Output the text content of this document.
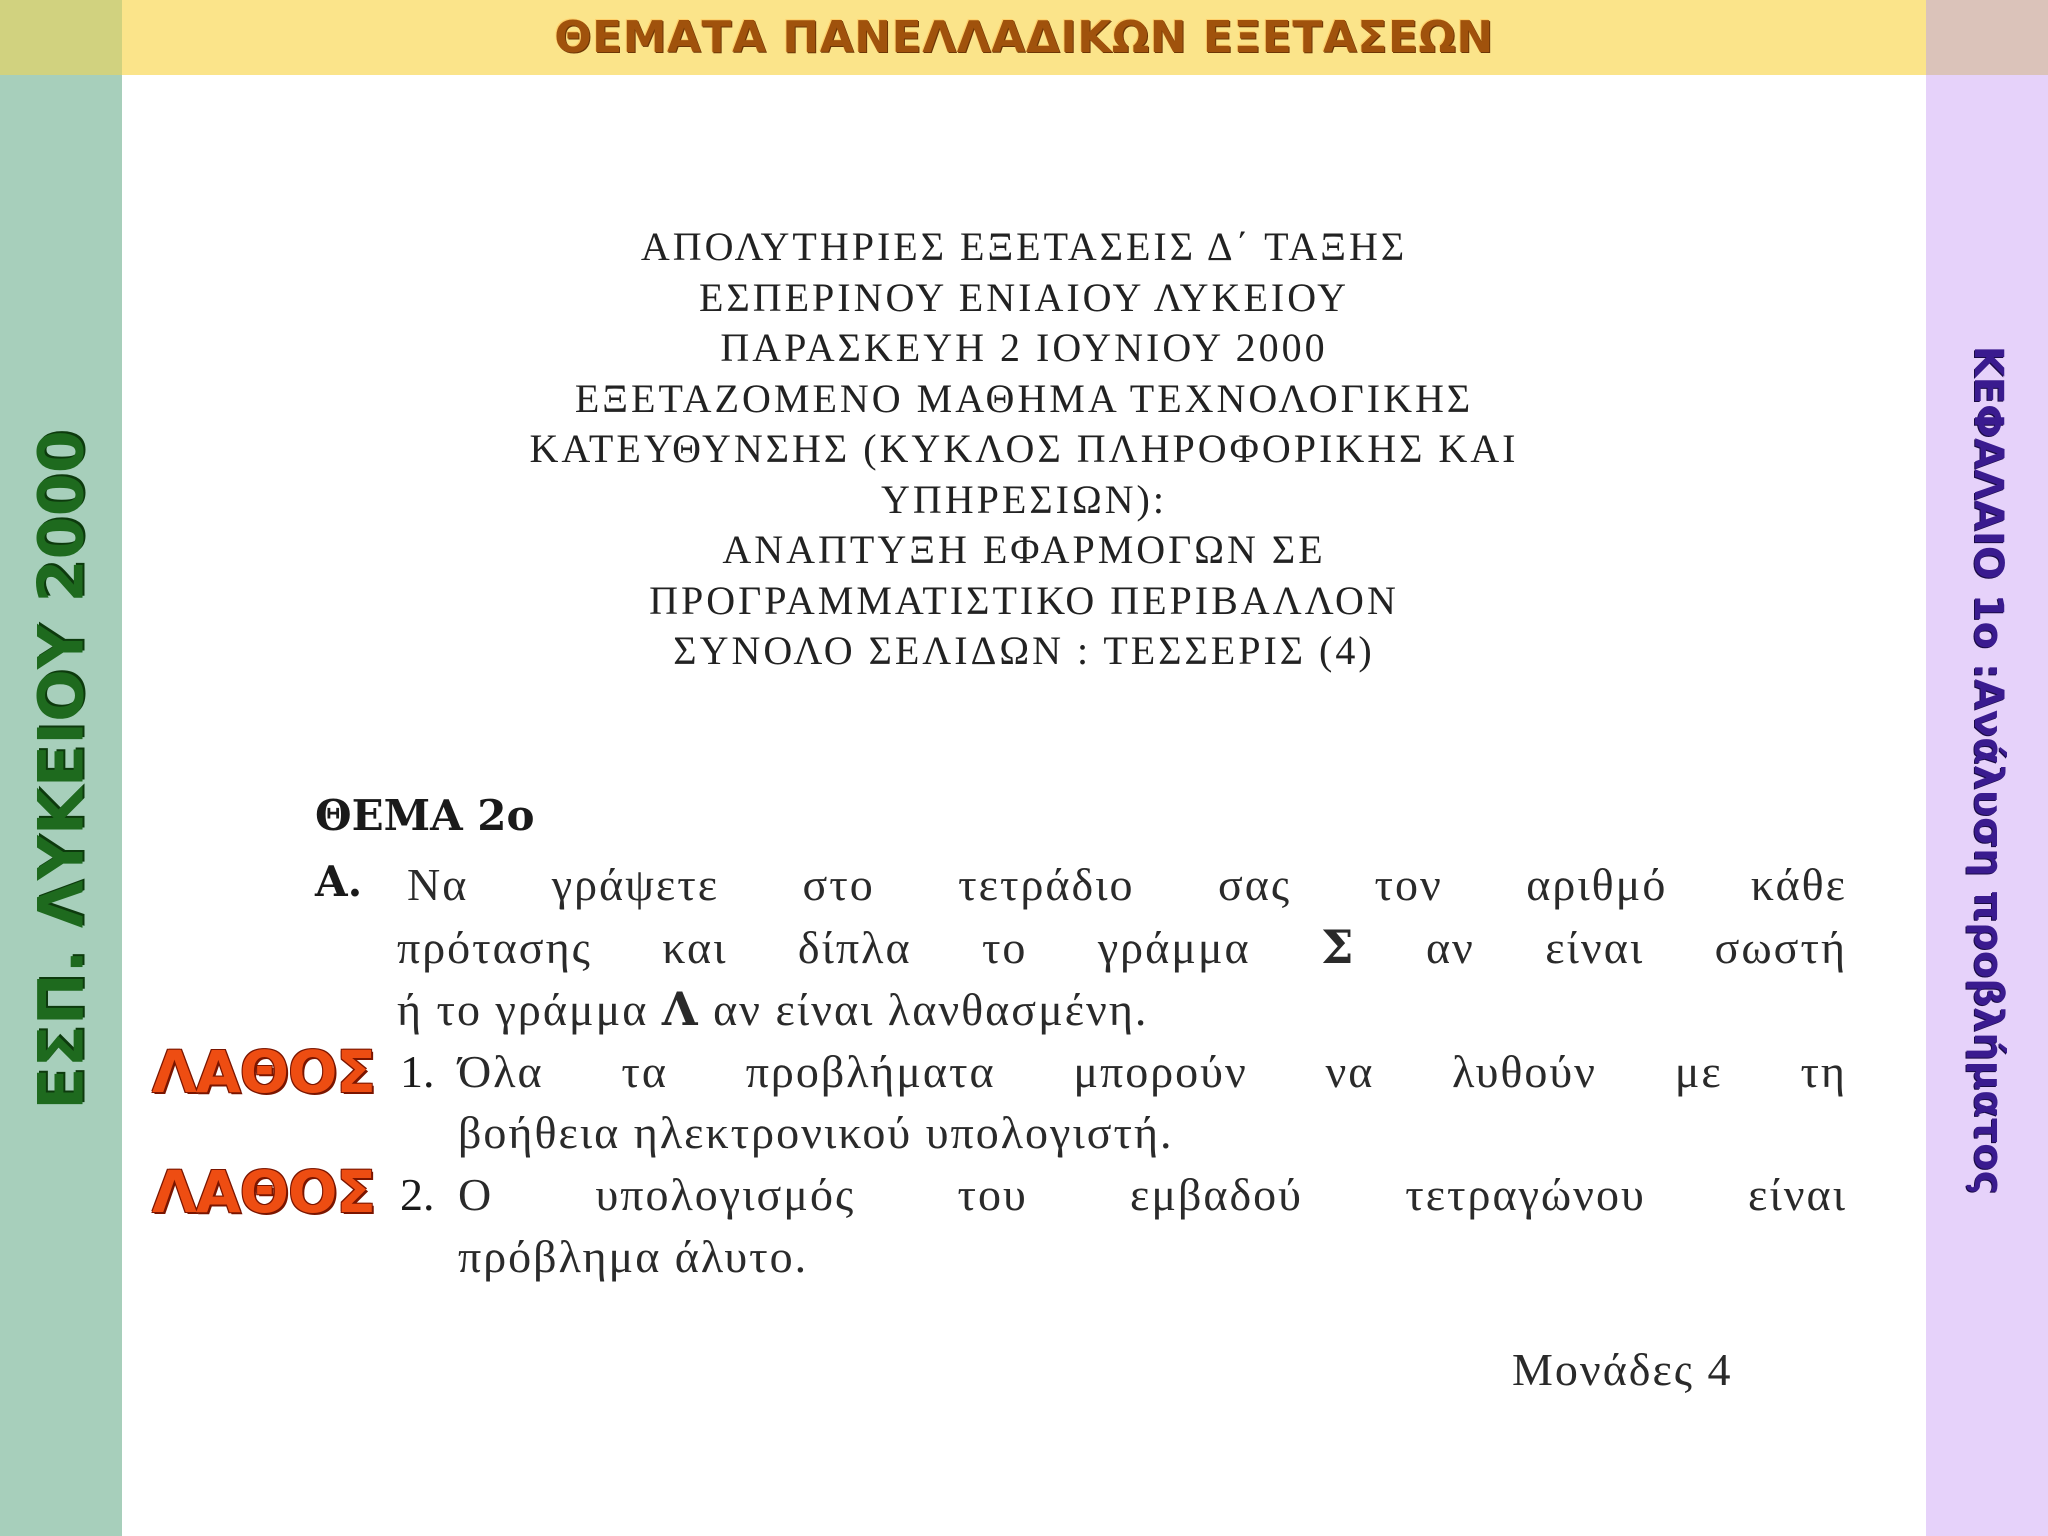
ΘΕΜΑΤΑ ΠΑΝΕΛΛΑΔΙΚΩΝ ΕΞΕΤΑΣΕΩΝ
ΕΣΠ. ΛΥΚΕΙΟΥ 2000	ΚΕΦΑΛΑΙΟ 1ο :Ανάλυση προβλήματος
ΑΠΟΛΥΤΗΡΙΕΣ ΕΞΕΤΑΣΕΙΣ Δ΄ ΤΑΞΗΣ
ΕΣΠΕΡΙΝΟΥ ΕΝΙΑΙΟΥ ΛΥΚΕΙΟΥ
ΠΑΡΑΣΚΕΥΗ 2 ΙΟΥΝΙΟΥ 2000
ΕΞΕΤΑΖΟΜΕΝΟ ΜΑΘΗΜΑ ΤΕΧΝΟΛΟΓΙΚΗΣ
ΚΑΤΕΥΘΥΝΣΗΣ (ΚΥΚΛΟΣ ΠΛΗΡΟΦΟΡΙΚΗΣ ΚΑΙ
ΥΠΗΡΕΣΙΩΝ):
ΑΝΑΠΤΥΞΗ ΕΦΑΡΜΟΓΩΝ ΣΕ
ΠΡΟΓΡΑΜΜΑΤΙΣΤΙΚΟ ΠΕΡΙΒΑΛΛΟΝ
ΣΥΝΟΛΟ ΣΕΛΙΔΩΝ : ΤΕΣΣΕΡΙΣ (4)
ΘΕΜΑ 2ο
Α. Να γράψετε στο τετράδιο σας τον αριθμό κάθε
πρότασης και δίπλα το γράμμα Σ αν είναι σωστή
ή το γράμμα Λ αν είναι λανθασμένη.
ΛΑΘΟΣ 1. Όλα τα προβλήματα μπορούν να λυθούν με τη
βοήθεια ηλεκτρονικού υπολογιστή.
ΛΑΘΟΣ 2. Ο υπολογισμός του εμβαδού τετραγώνου είναι
πρόβλημα άλυτο.
Μονάδες 4
